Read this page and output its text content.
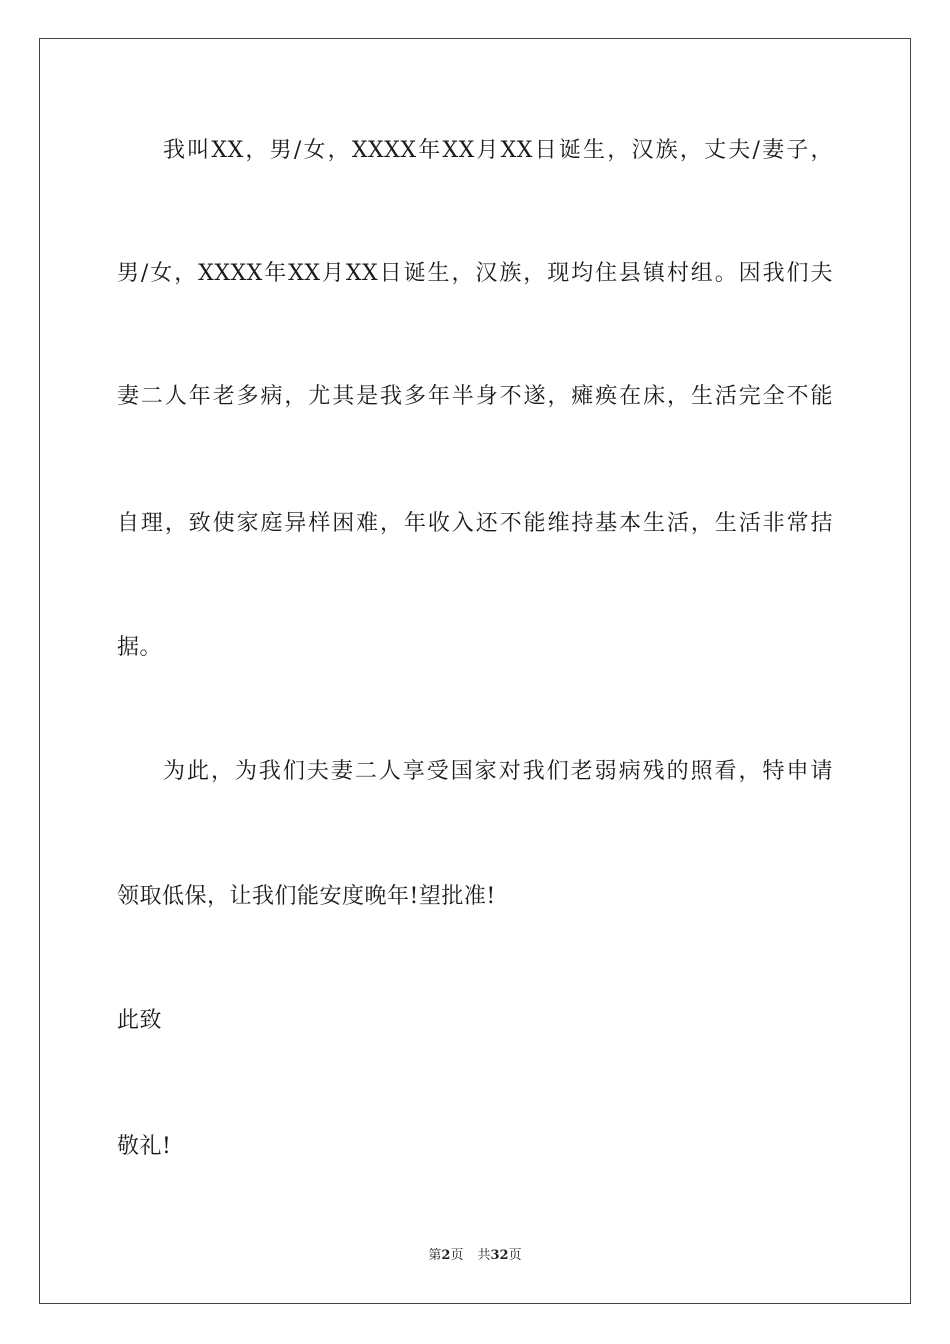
我叫XX，男/女，XXXX年XX月XX日诞生，汉族，丈夫/妻子，
男/女，XXXX年XX月XX日诞生，汉族，现均住县镇村组。因我们夫
妻二人年老多病，尤其是我多年半身不遂，瘫痪在床，生活完全不能
自理，致使家庭异样困难，年收入还不能维持基本生活，生活非常拮
据。
为此，为我们夫妻二人享受国家对我们老弱病残的照看，特申请
领取低保，让我们能安度晚年!望批准!
此致
敬礼!
第2页 共32页
